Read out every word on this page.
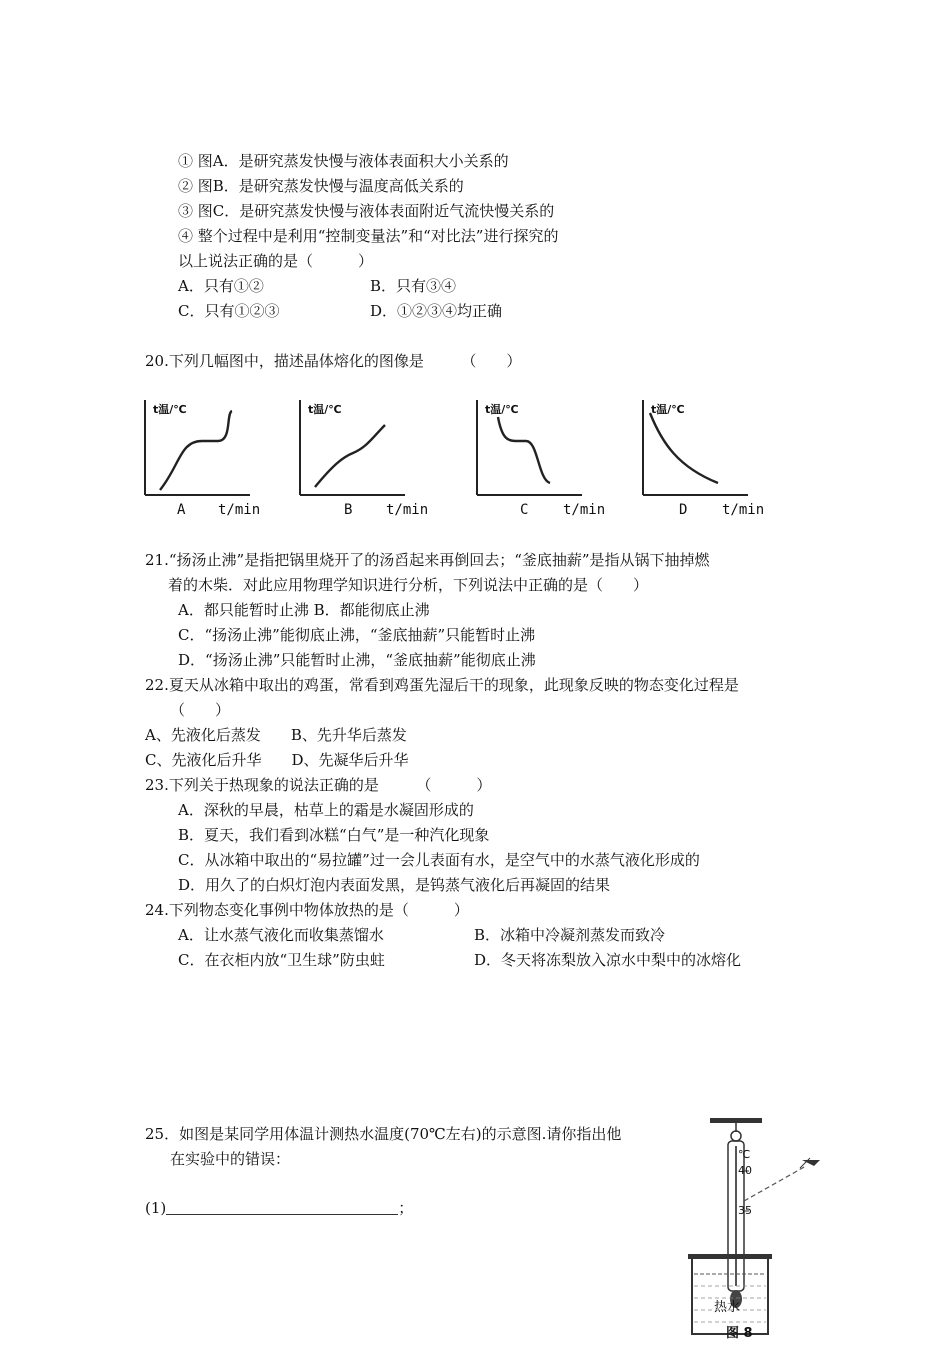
① 图A．是研究蒸发快慢与液体表面积大小关系的
② 图B．是研究蒸发快慢与温度高低关系的
③ 图C．是研究蒸发快慢与液体表面附近气流快慢关系的
④ 整个过程中是利用“控制变量法”和“对比法”进行探究的
以上说法正确的是（　　　）
A．只有①②	B．只有③④
C．只有①②③	D．①②③④均正确
20.下列几幅图中，描述晶体熔化的图像是　　　（　　）
t温/℃
A t/min
t温/℃
B t/min
t温/℃
C t/min
t温/℃
D t/min
21.“扬汤止沸”是指把锅里烧开了的汤舀起来再倒回去；“釜底抽薪”是指从锅下抽掉燃
着的木柴．对此应用物理学知识进行分析，下列说法中正确的是（　　）
A．都只能暂时止沸 B．都能彻底止沸
C．“扬汤止沸”能彻底止沸，“釜底抽薪”只能暂时止沸
D．“扬汤止沸”只能暂时止沸，“釜底抽薪”能彻底止沸
22.夏天从冰箱中取出的鸡蛋，常看到鸡蛋先湿后干的现象，此现象反映的物态变化过程是
（　　）
A、先液化后蒸发　　B、先升华后蒸发
C、先液化后升华　　D、先凝华后升华
23.下列关于热现象的说法正确的是　　　（　　　）
A．深秋的早晨，枯草上的霜是水凝固形成的
B．夏天，我们看到冰糕“白气”是一种汽化现象
C．从冰箱中取出的“易拉罐”过一会儿表面有水，是空气中的水蒸气液化形成的
D．用久了的白炽灯泡内表面发黑，是钨蒸气液化后再凝固的结果
24.下列物态变化事例中物体放热的是（　　　）
A．让水蒸气液化而收集蒸馏水	B．冰箱中冷凝剂蒸发而致冷
C．在衣柜内放“卫生球”防虫蛀	D．冬天将冻梨放入凉水中梨中的冰熔化
25．如图是某同学用体温计测热水温度(70℃左右)的示意图.请你指出他
在实验中的错误：
(1)	；
℃
40
35
热水
图 8
